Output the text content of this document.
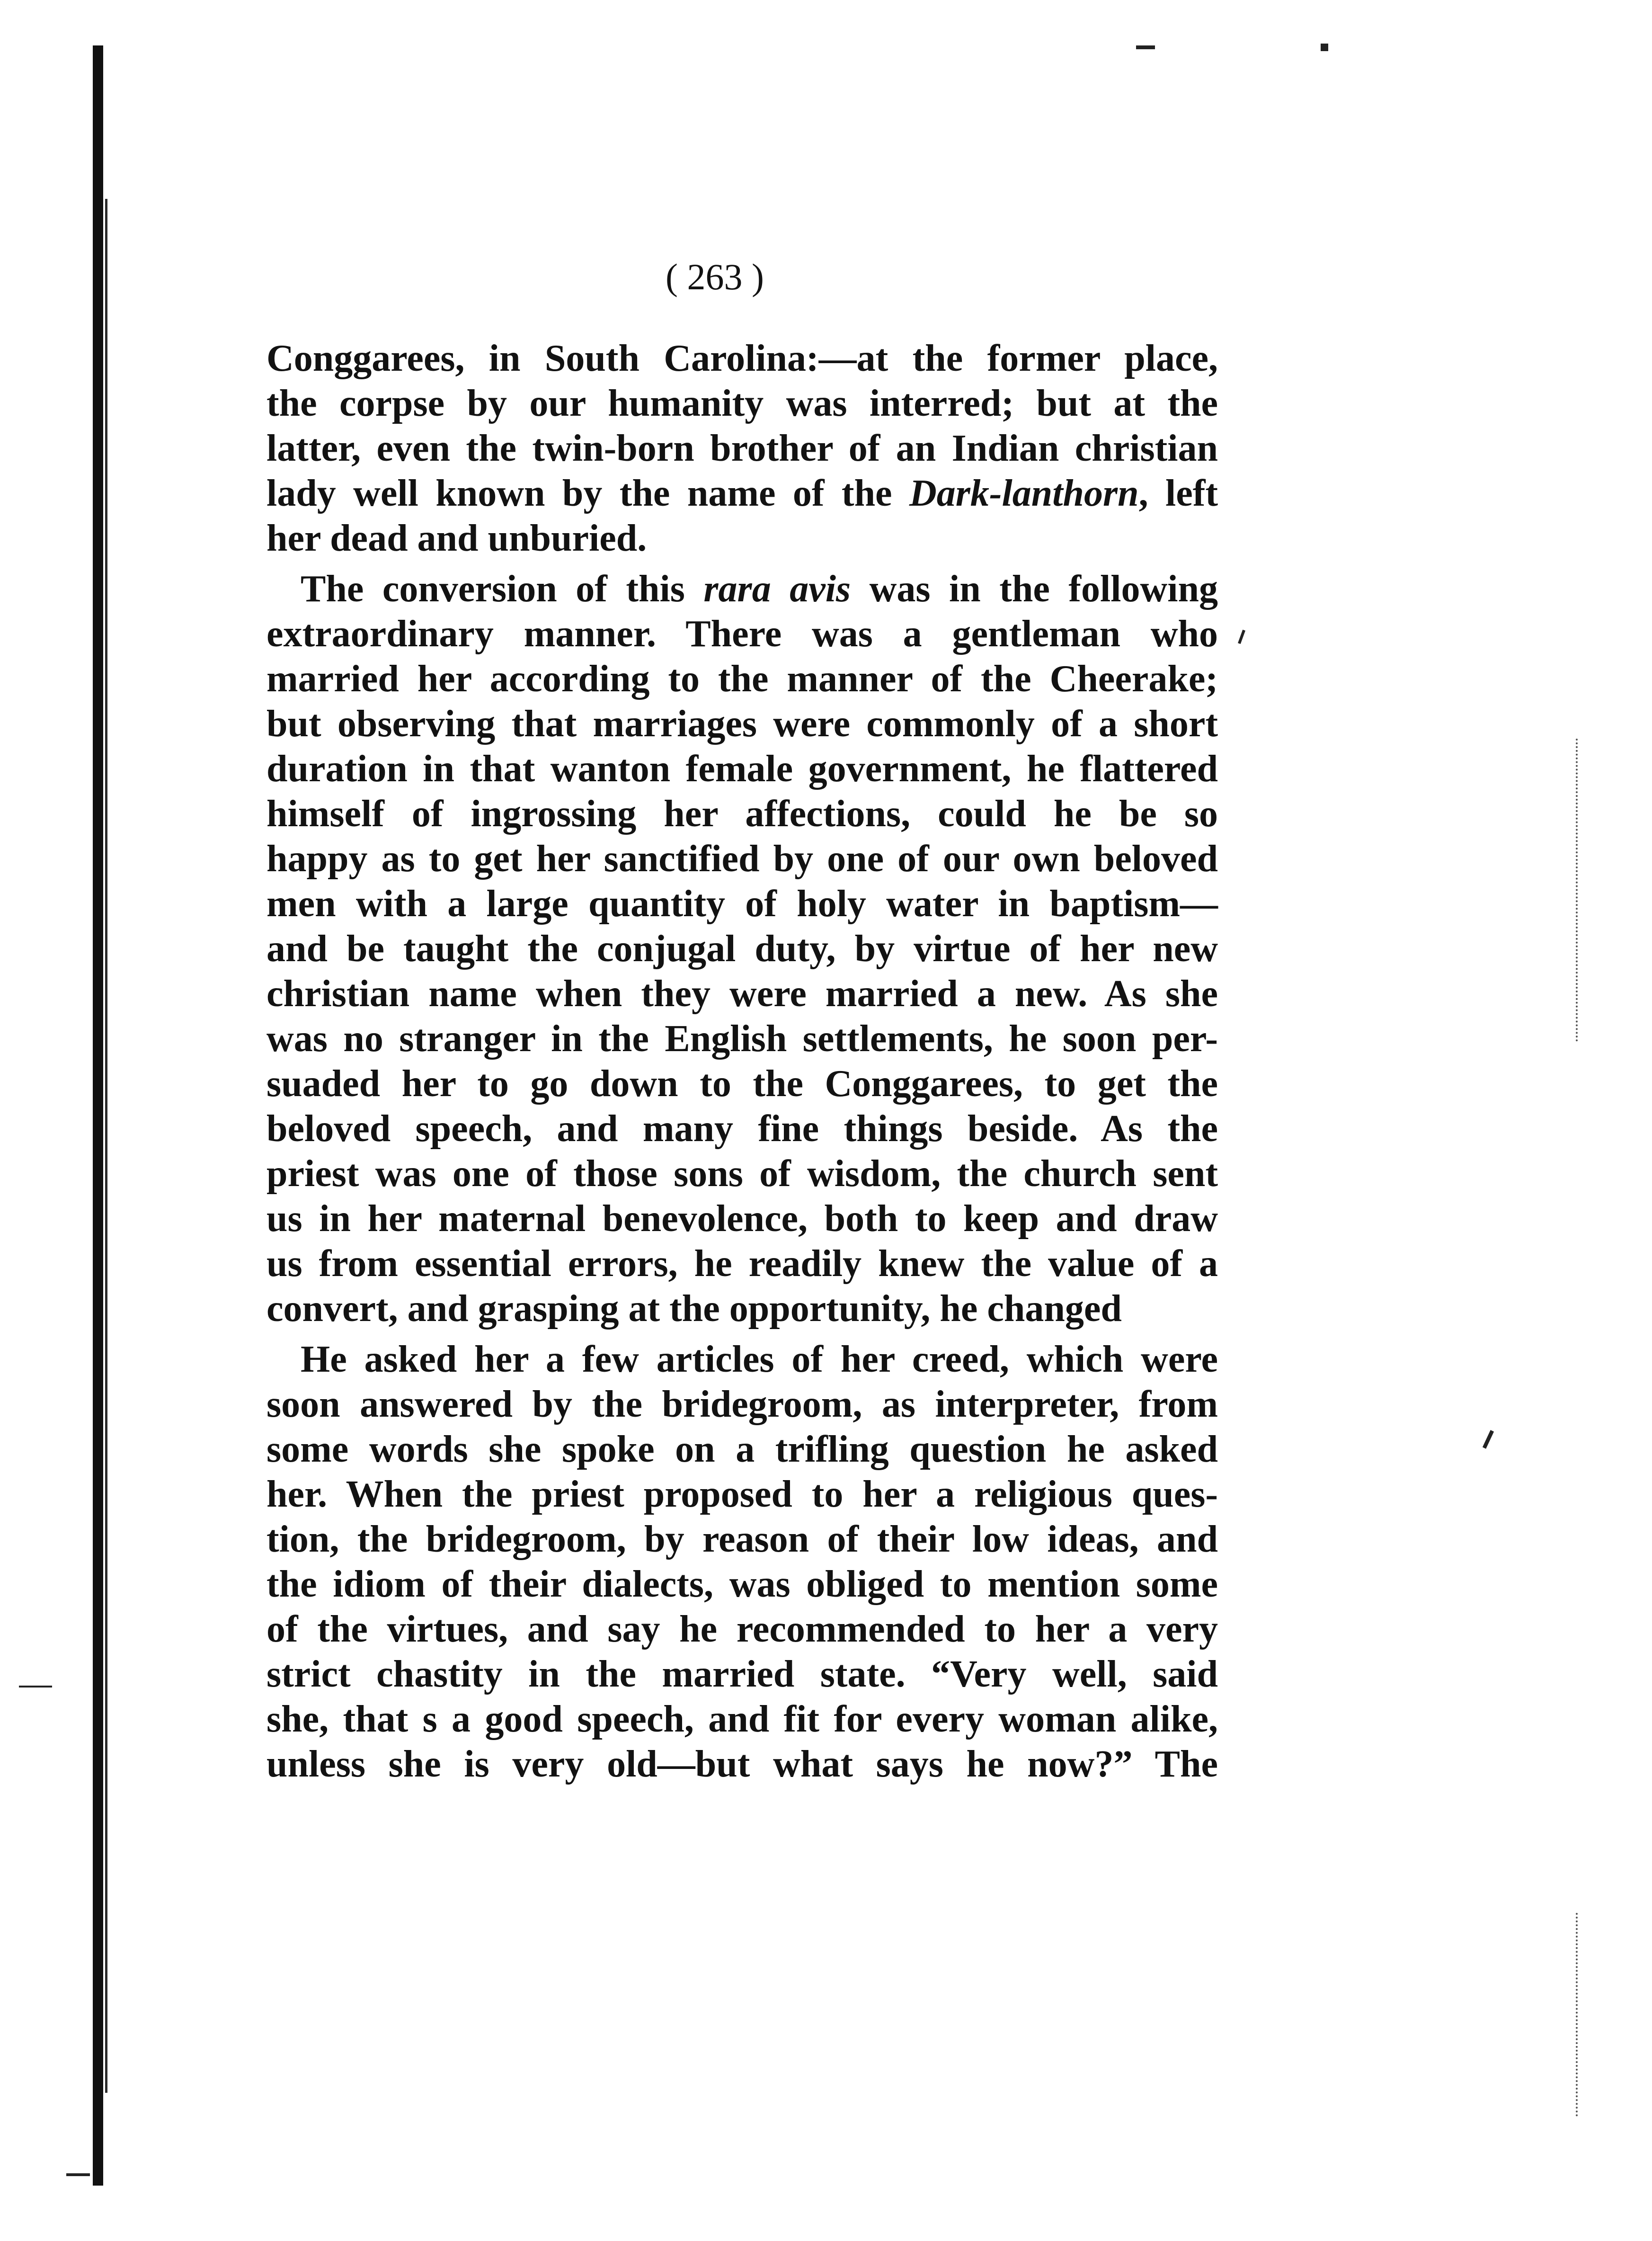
( 263 )
Conggarees, in South Carolina:—at the former place,
the corpse by our humanity was interred; but at the
latter, even the twin-born brother of an Indian christian
lady well known by the name of the Dark-lanthorn, left
her dead and unburied.
The conversion of this rara avis was in the following
extraordinary manner. There was a gentleman who
married her according to the manner of the Cheerake;
but observing that marriages were commonly of a short
duration in that wanton female government, he flattered
himself of ingrossing her affections, could he be so
happy as to get her sanctified by one of our own beloved
men with a large quantity of holy water in baptism—
and be taught the conjugal duty, by virtue of her new
christian name when they were married a new. As she
was no stranger in the English settlements, he soon per-
suaded her to go down to the Conggarees, to get the
beloved speech, and many fine things beside. As the
priest was one of those sons of wisdom, the church sent
us in her maternal benevolence, both to keep and draw
us from essential errors, he readily knew the value of a
convert, and grasping at the opportunity, he changed
He asked her a few articles of her creed, which were
soon answered by the bridegroom, as interpreter, from
some words she spoke on a trifling question he asked
her. When the priest proposed to her a religious ques-
tion, the bridegroom, by reason of their low ideas, and
the idiom of their dialects, was obliged to mention some
of the virtues, and say he recommended to her a very
strict chastity in the married state. “Very well, said
she, that s a good speech, and fit for every woman alike,
unless she is very old—but what says he now?” The
